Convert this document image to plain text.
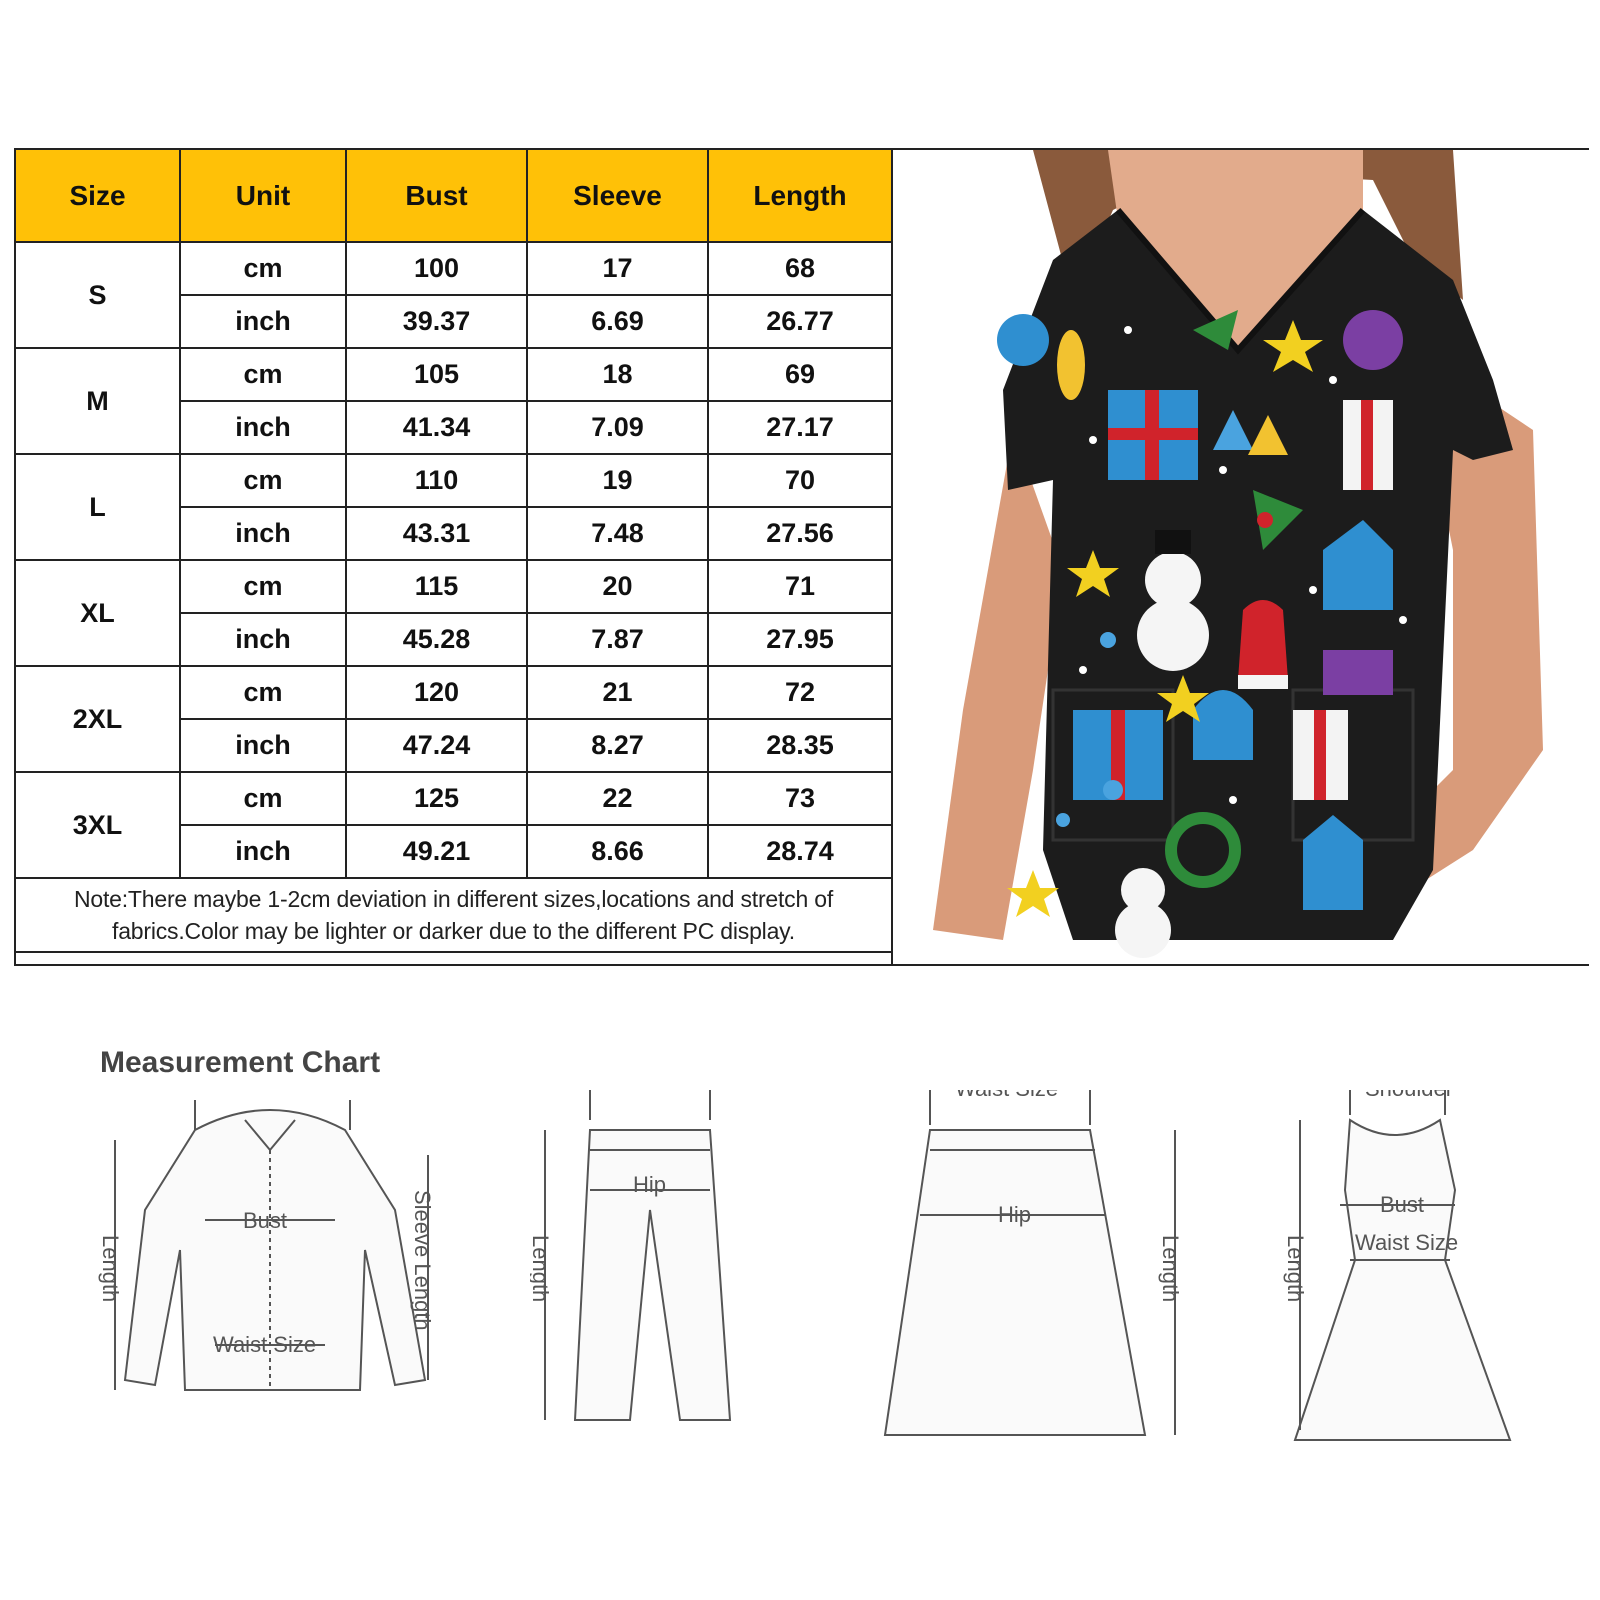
Size	Unit	Bust	Sleeve	Length
S	cm	100	17	68
	inch	39.37	6.69	26.77
M	cm	105	18	69
	inch	41.34	7.09	27.17
L	cm	110	19	70
	inch	43.31	7.48	27.56
XL	cm	115	20	71
	inch	45.28	7.87	27.95
2XL	cm	120	21	72
	inch	47.24	8.27	28.35
3XL	cm	125	22	73
	inch	49.21	8.66	28.74
Note:There maybe 1-2cm deviation in different sizes,locations and stretch of fabrics.Color may be lighter or darker due to the different PC display.				
Measurement Chart
Bust
Waist Size
Length	Sleeve Length
Hip
Length
Hip
Length
Bust
Waist Size
Length
